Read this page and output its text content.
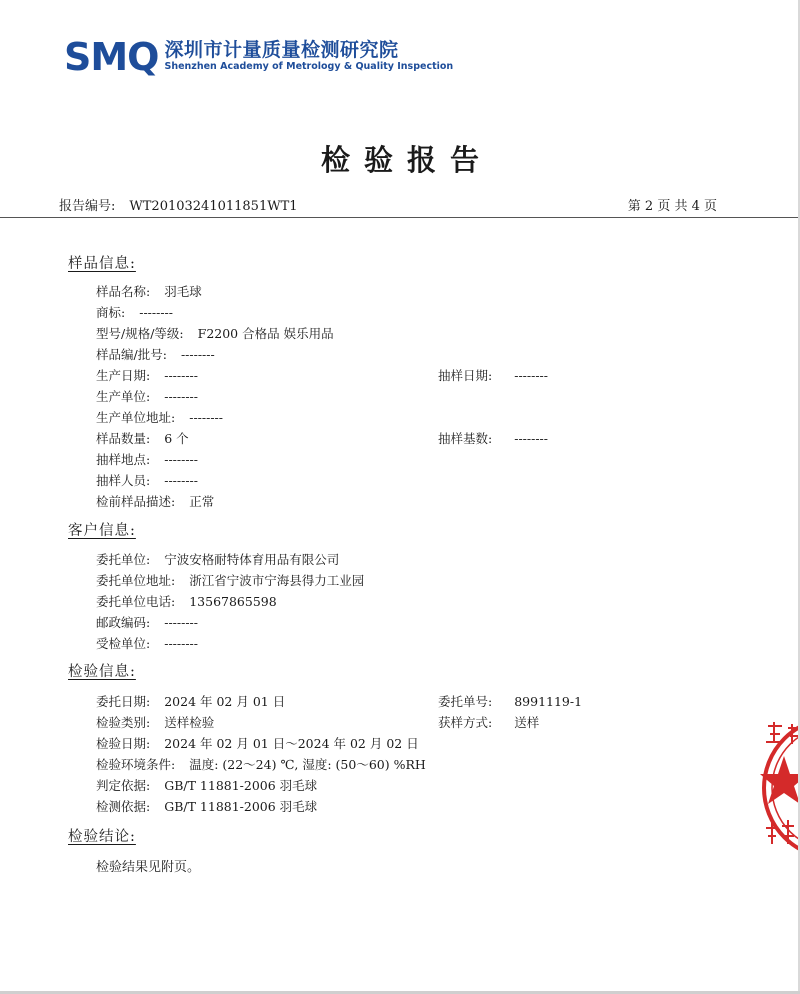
SMQ 深圳市计量质量检测研究院
Shenzhen Academy of Metrology & Quality Inspection
检验报告
报告编号: WT20103241011851WT1	第 2 页 共 4 页
样品信息:
样品名称: 羽毛球
商标: --------
型号/规格/等级: F2200 合格品 娱乐用品
样品编/批号: --------
生产日期: --------	抽样日期: --------
生产单位: --------
生产单位地址: --------
样品数量: 6 个	抽样基数: --------
抽样地点: --------
抽样人员: --------
检前样品描述: 正常
客户信息:
委托单位: 宁波安格耐特体育用品有限公司
委托单位地址: 浙江省宁波市宁海县得力工业园
委托单位电话: 13567865598
邮政编码: --------
受检单位: --------
检验信息:
委托日期: 2024 年 02 月 01 日	委托单号: 8991119-1
检验类别: 送样检验	获样方式: 送样
检验日期: 2024 年 02 月 01 日～2024 年 02 月 02 日
检验环境条件: 温度: (22～24) ℃, 湿度: (50～60) %RH
判定依据: GB/T 11881-2006 羽毛球
检测依据: GB/T 11881-2006 羽毛球
检验结论:
检验结果见附页。
